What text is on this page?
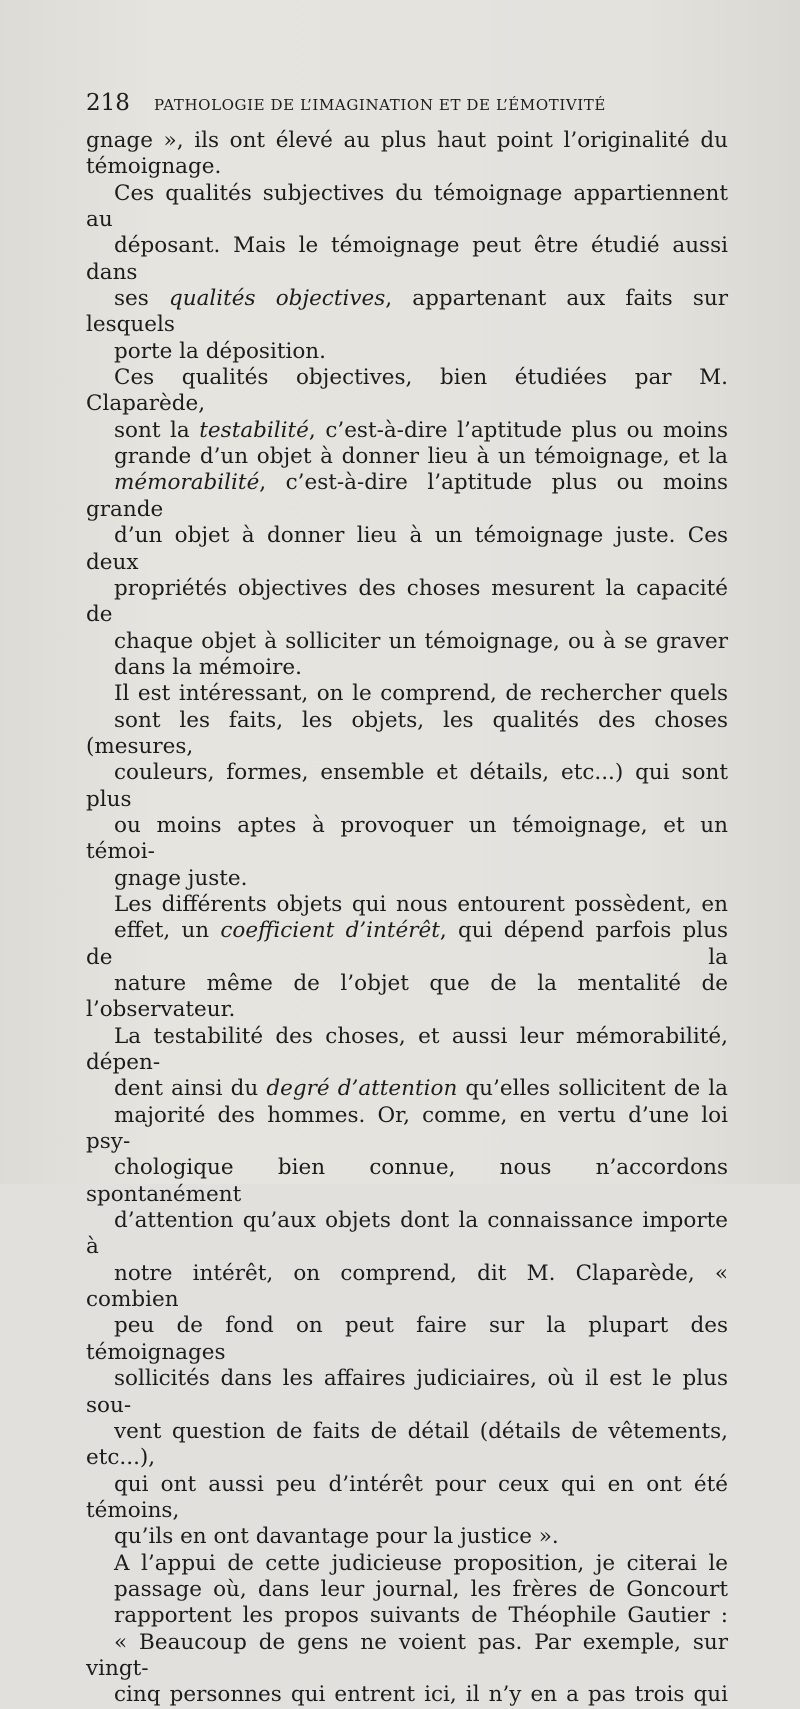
218 PATHOLOGIE DE L’IMAGINATION ET DE L’ÉMOTIVITÉ

gnage », ils ont élevé au plus haut point l’originalité du
témoignage.

Ces qualités subjectives du témoignage appartiennent au
déposant. Mais le témoignage peut être étudié aussi dans
ses qualités objectives, appartenant aux faits sur lesquels
porte la déposition.

Ces qualités objectives, bien étudiées par M. Claparède,
sont la testabilité, c’est-à-dire l’aptitude plus ou moins
grande d’un objet à donner lieu à un témoignage, et la
mémorabilité, c’est-à-dire l’aptitude plus ou moins grande
d’un objet à donner lieu à un témoignage juste. Ces deux
propriétés objectives des choses mesurent la capacité de
chaque objet à solliciter un témoignage, ou à se graver
dans la mémoire.

Il est intéressant, on le comprend, de rechercher quels
sont les faits, les objets, les qualités des choses (mesures,
couleurs, formes, ensemble et détails, etc...) qui sont plus
ou moins aptes à provoquer un témoignage, et un témoi-
gnage juste.

Les différents objets qui nous entourent possèdent, en
effet, un coefficient d’intérêt, qui dépend parfois plus de la
nature même de l’objet que de la mentalité de l’observateur.
La testabilité des choses, et aussi leur mémorabilité, dépen-
dent ainsi du degré d’attention qu’elles sollicitent de la
majorité des hommes. Or, comme, en vertu d’une loi psy-
chologique bien connue, nous n’accordons spontanément
d’attention qu’aux objets dont la connaissance importe à
notre intérêt, on comprend, dit M. Claparède, « combien
peu de fond on peut faire sur la plupart des témoignages
sollicités dans les affaires judiciaires, où il est le plus sou-
vent question de faits de détail (détails de vêtements, etc...),
qui ont aussi peu d’intérêt pour ceux qui en ont été témoins,
qu’ils en ont davantage pour la justice ».

A l’appui de cette judicieuse proposition, je citerai le
passage où, dans leur journal, les frères de Goncourt
rapportent les propos suivants de Théophile Gautier :
« Beaucoup de gens ne voient pas. Par exemple, sur vingt-
cinq personnes qui entrent ici, il n’y en a pas trois qui
